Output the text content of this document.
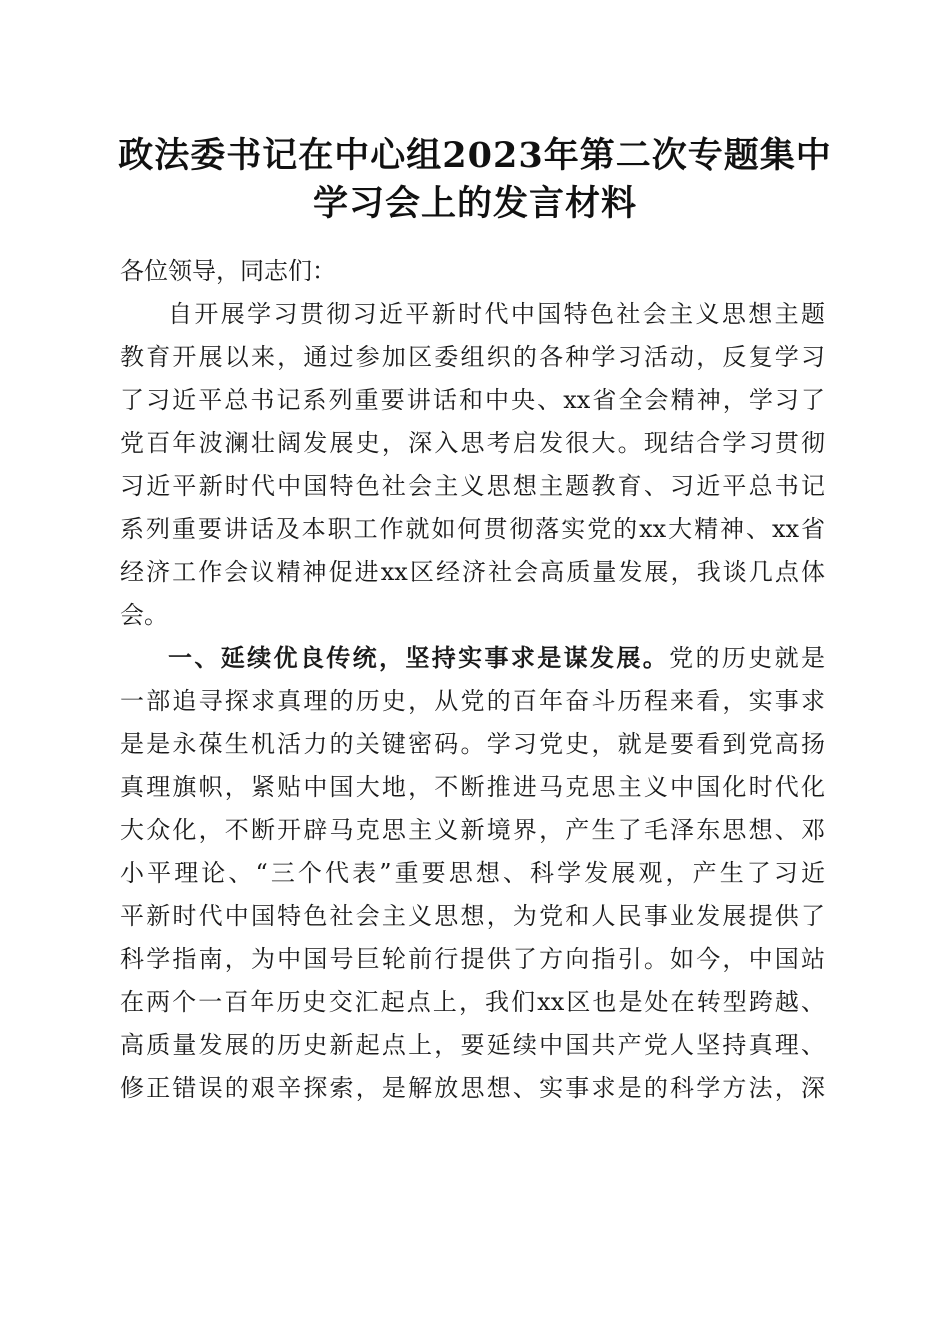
政法委书记在中心组2023年第二次专题集中
学习会上的发言材料
各位领导，同志们：
自开展学习贯彻习近平新时代中国特色社会主义思想主题
教育开展以来，通过参加区委组织的各种学习活动，反复学习
了习近平总书记系列重要讲话和中央、xx省全会精神，学习了
党百年波澜壮阔发展史，深入思考启发很大。现结合学习贯彻
习近平新时代中国特色社会主义思想主题教育、习近平总书记
系列重要讲话及本职工作就如何贯彻落实党的xx大精神、xx省
经济工作会议精神促进xx区经济社会高质量发展，我谈几点体
会。
一、延续优良传统，坚持实事求是谋发展。党的历史就是
一部追寻探求真理的历史，从党的百年奋斗历程来看，实事求
是是永葆生机活力的关键密码。学习党史，就是要看到党高扬
真理旗帜，紧贴中国大地，不断推进马克思主义中国化时代化
大众化，不断开辟马克思主义新境界，产生了毛泽东思想、邓
小平理论、“三个代表”重要思想、科学发展观，产生了习近
平新时代中国特色社会主义思想，为党和人民事业发展提供了
科学指南，为中国号巨轮前行提供了方向指引。如今，中国站
在两个一百年历史交汇起点上，我们xx区也是处在转型跨越、
高质量发展的历史新起点上，要延续中国共产党人坚持真理、
修正错误的艰辛探索，是解放思想、实事求是的科学方法，深
